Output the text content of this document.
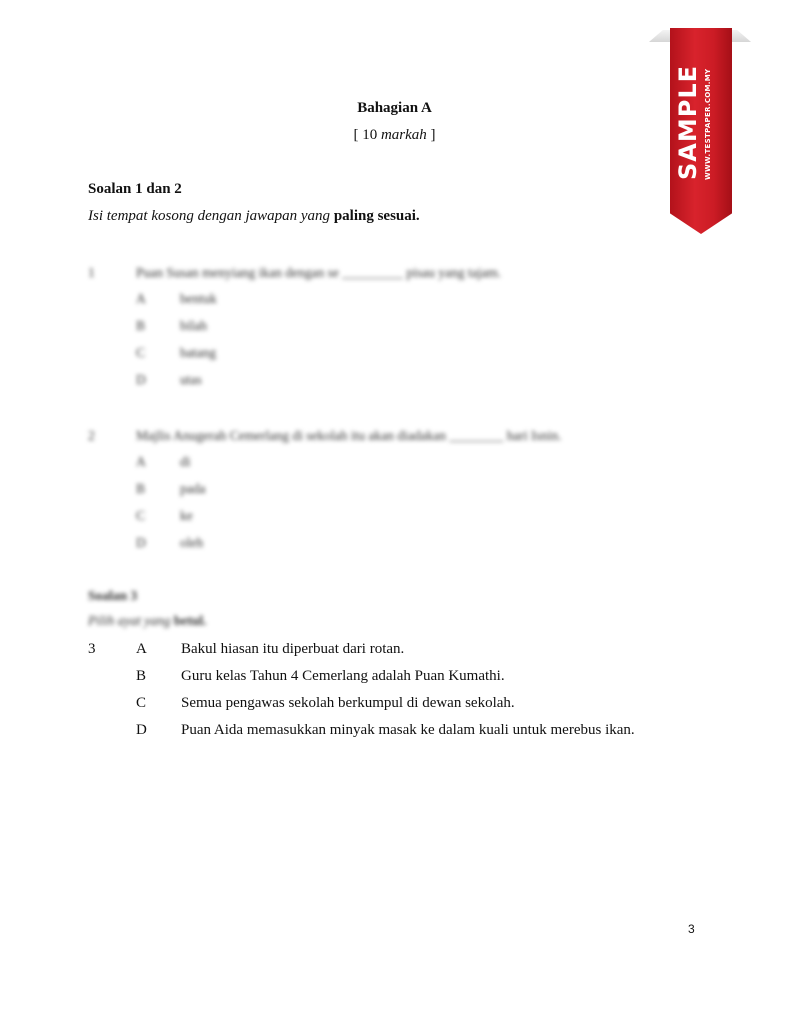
Bahagian A
[ 10 markah ]
Soalan 1 dan 2
Isi tempat kosong dengan jawapan yang paling sesuai.
1	Puan Susan menyiang ikan dengan se _________ pisau yang tajam.
A	bentuk
B	bilah
C	batang
D	utas
2	Majlis Anugerah Cemerlang di sekolah itu akan diadakan ________ hari Isnin.
A	di
B	pada
C	ke
D	oleh
Soalan 3
Pilih ayat yang betul.
3	A Bakul hiasan itu diperbuat dari rotan.
B Guru kelas Tahun 4 Cemerlang adalah Puan Kumathi.
C Semua pengawas sekolah berkumpul di dewan sekolah.
D Puan Aida memasukkan minyak masak ke dalam kuali untuk merebus ikan.
3
SAMPLE WWW.TESTPAPER.COM.MY
